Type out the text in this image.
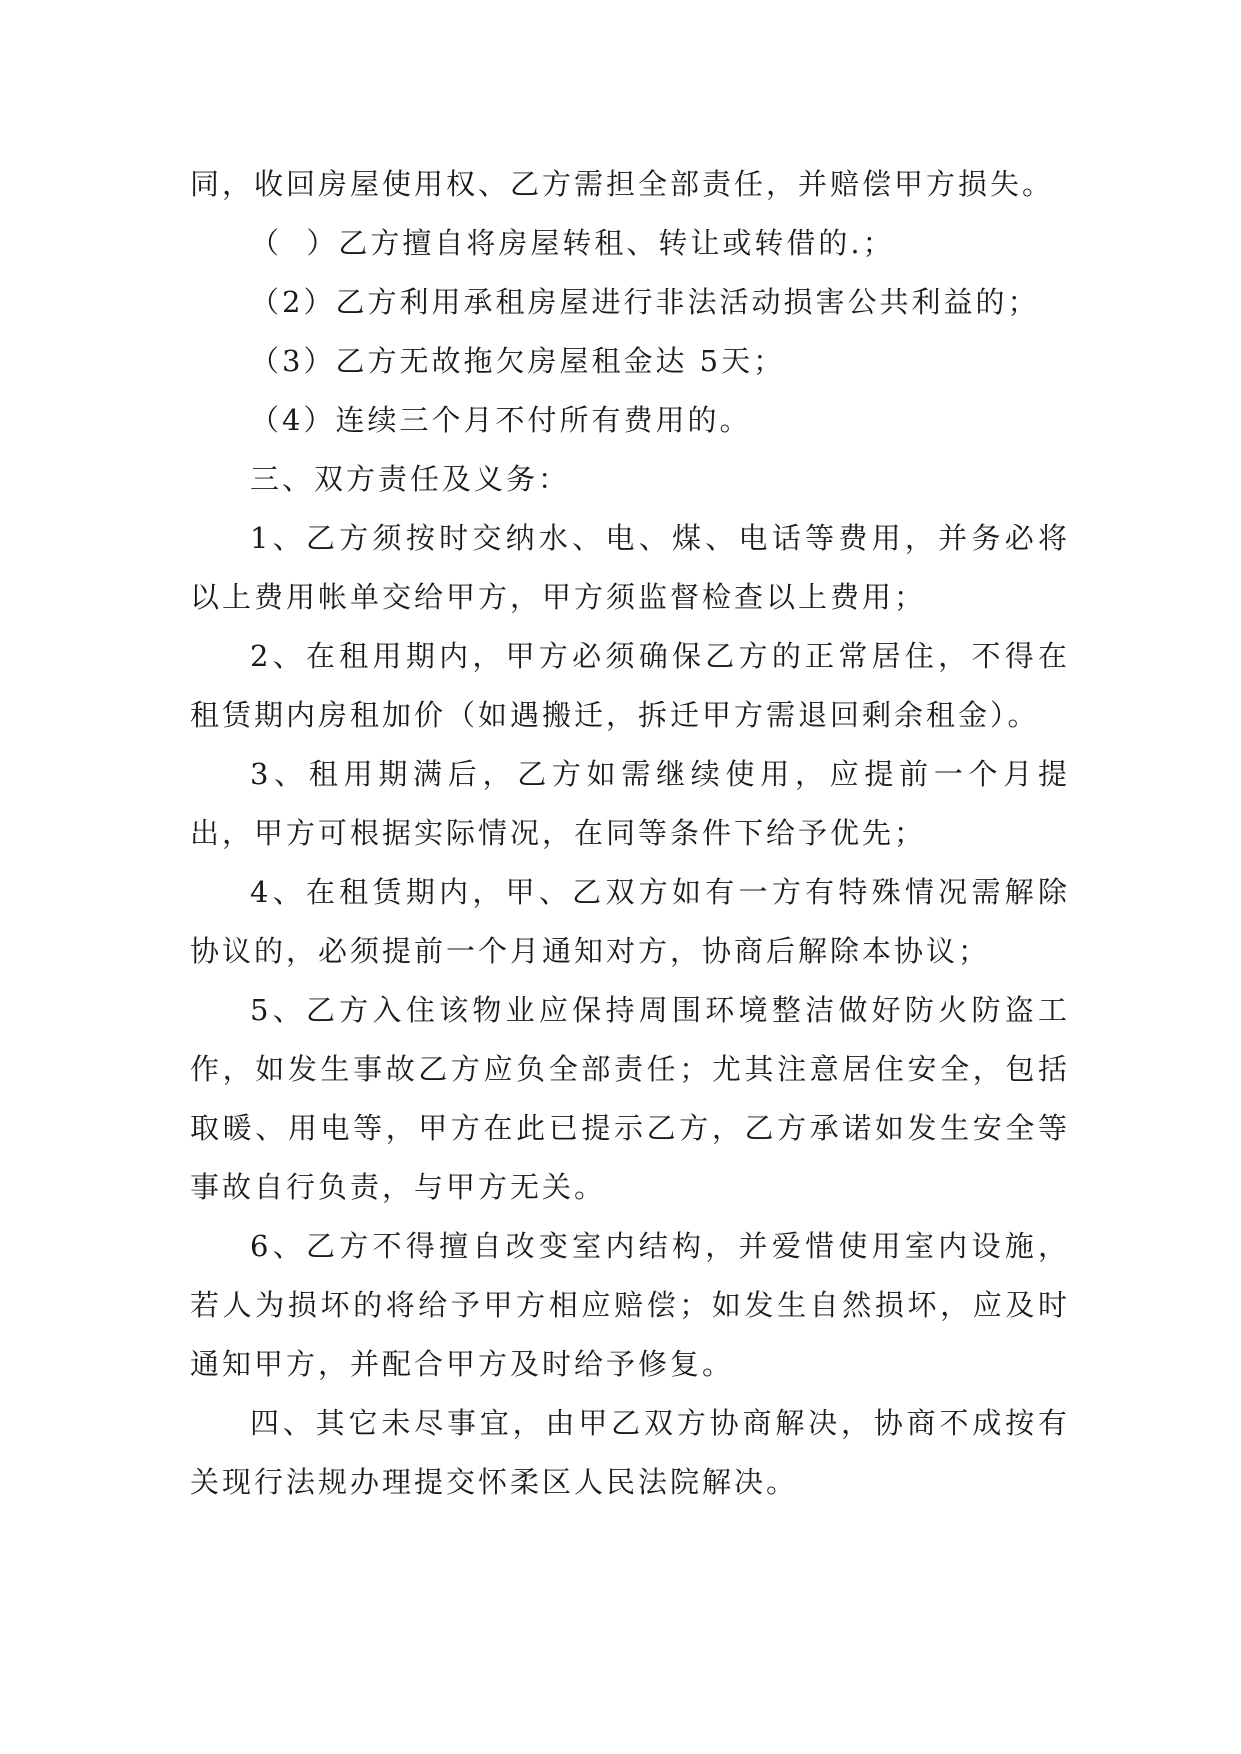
同，收回房屋使用权、乙方需担全部责任，并赔偿甲方损失。

（  ）乙方擅自将房屋转租、转让或转借的.；

（2）乙方利用承租房屋进行非法活动损害公共利益的；

（3）乙方无故拖欠房屋租金达 5天；

（4）连续三个月不付所有费用的。

三、双方责任及义务：

1、乙方须按时交纳水、电、煤、电话等费用，并务必将以上费用帐单交给甲方，甲方须监督检查以上费用；

2、在租用期内，甲方必须确保乙方的正常居住，不得在租赁期内房租加价（如遇搬迁，拆迁甲方需退回剩余租金）。

3、租用期满后，乙方如需继续使用，应提前一个月提出，甲方可根据实际情况，在同等条件下给予优先；

4、在租赁期内，甲、乙双方如有一方有特殊情况需解除协议的，必须提前一个月通知对方，协商后解除本协议；

5、乙方入住该物业应保持周围环境整洁做好防火防盗工作，如发生事故乙方应负全部责任；尤其注意居住安全，包括取暖、用电等，甲方在此已提示乙方，乙方承诺如发生安全等事故自行负责，与甲方无关。

6、乙方不得擅自改变室内结构，并爱惜使用室内设施，若人为损坏的将给予甲方相应赔偿；如发生自然损坏，应及时通知甲方，并配合甲方及时给予修复。

四、其它未尽事宜，由甲乙双方协商解决，协商不成按有关现行法规办理提交怀柔区人民法院解决。
